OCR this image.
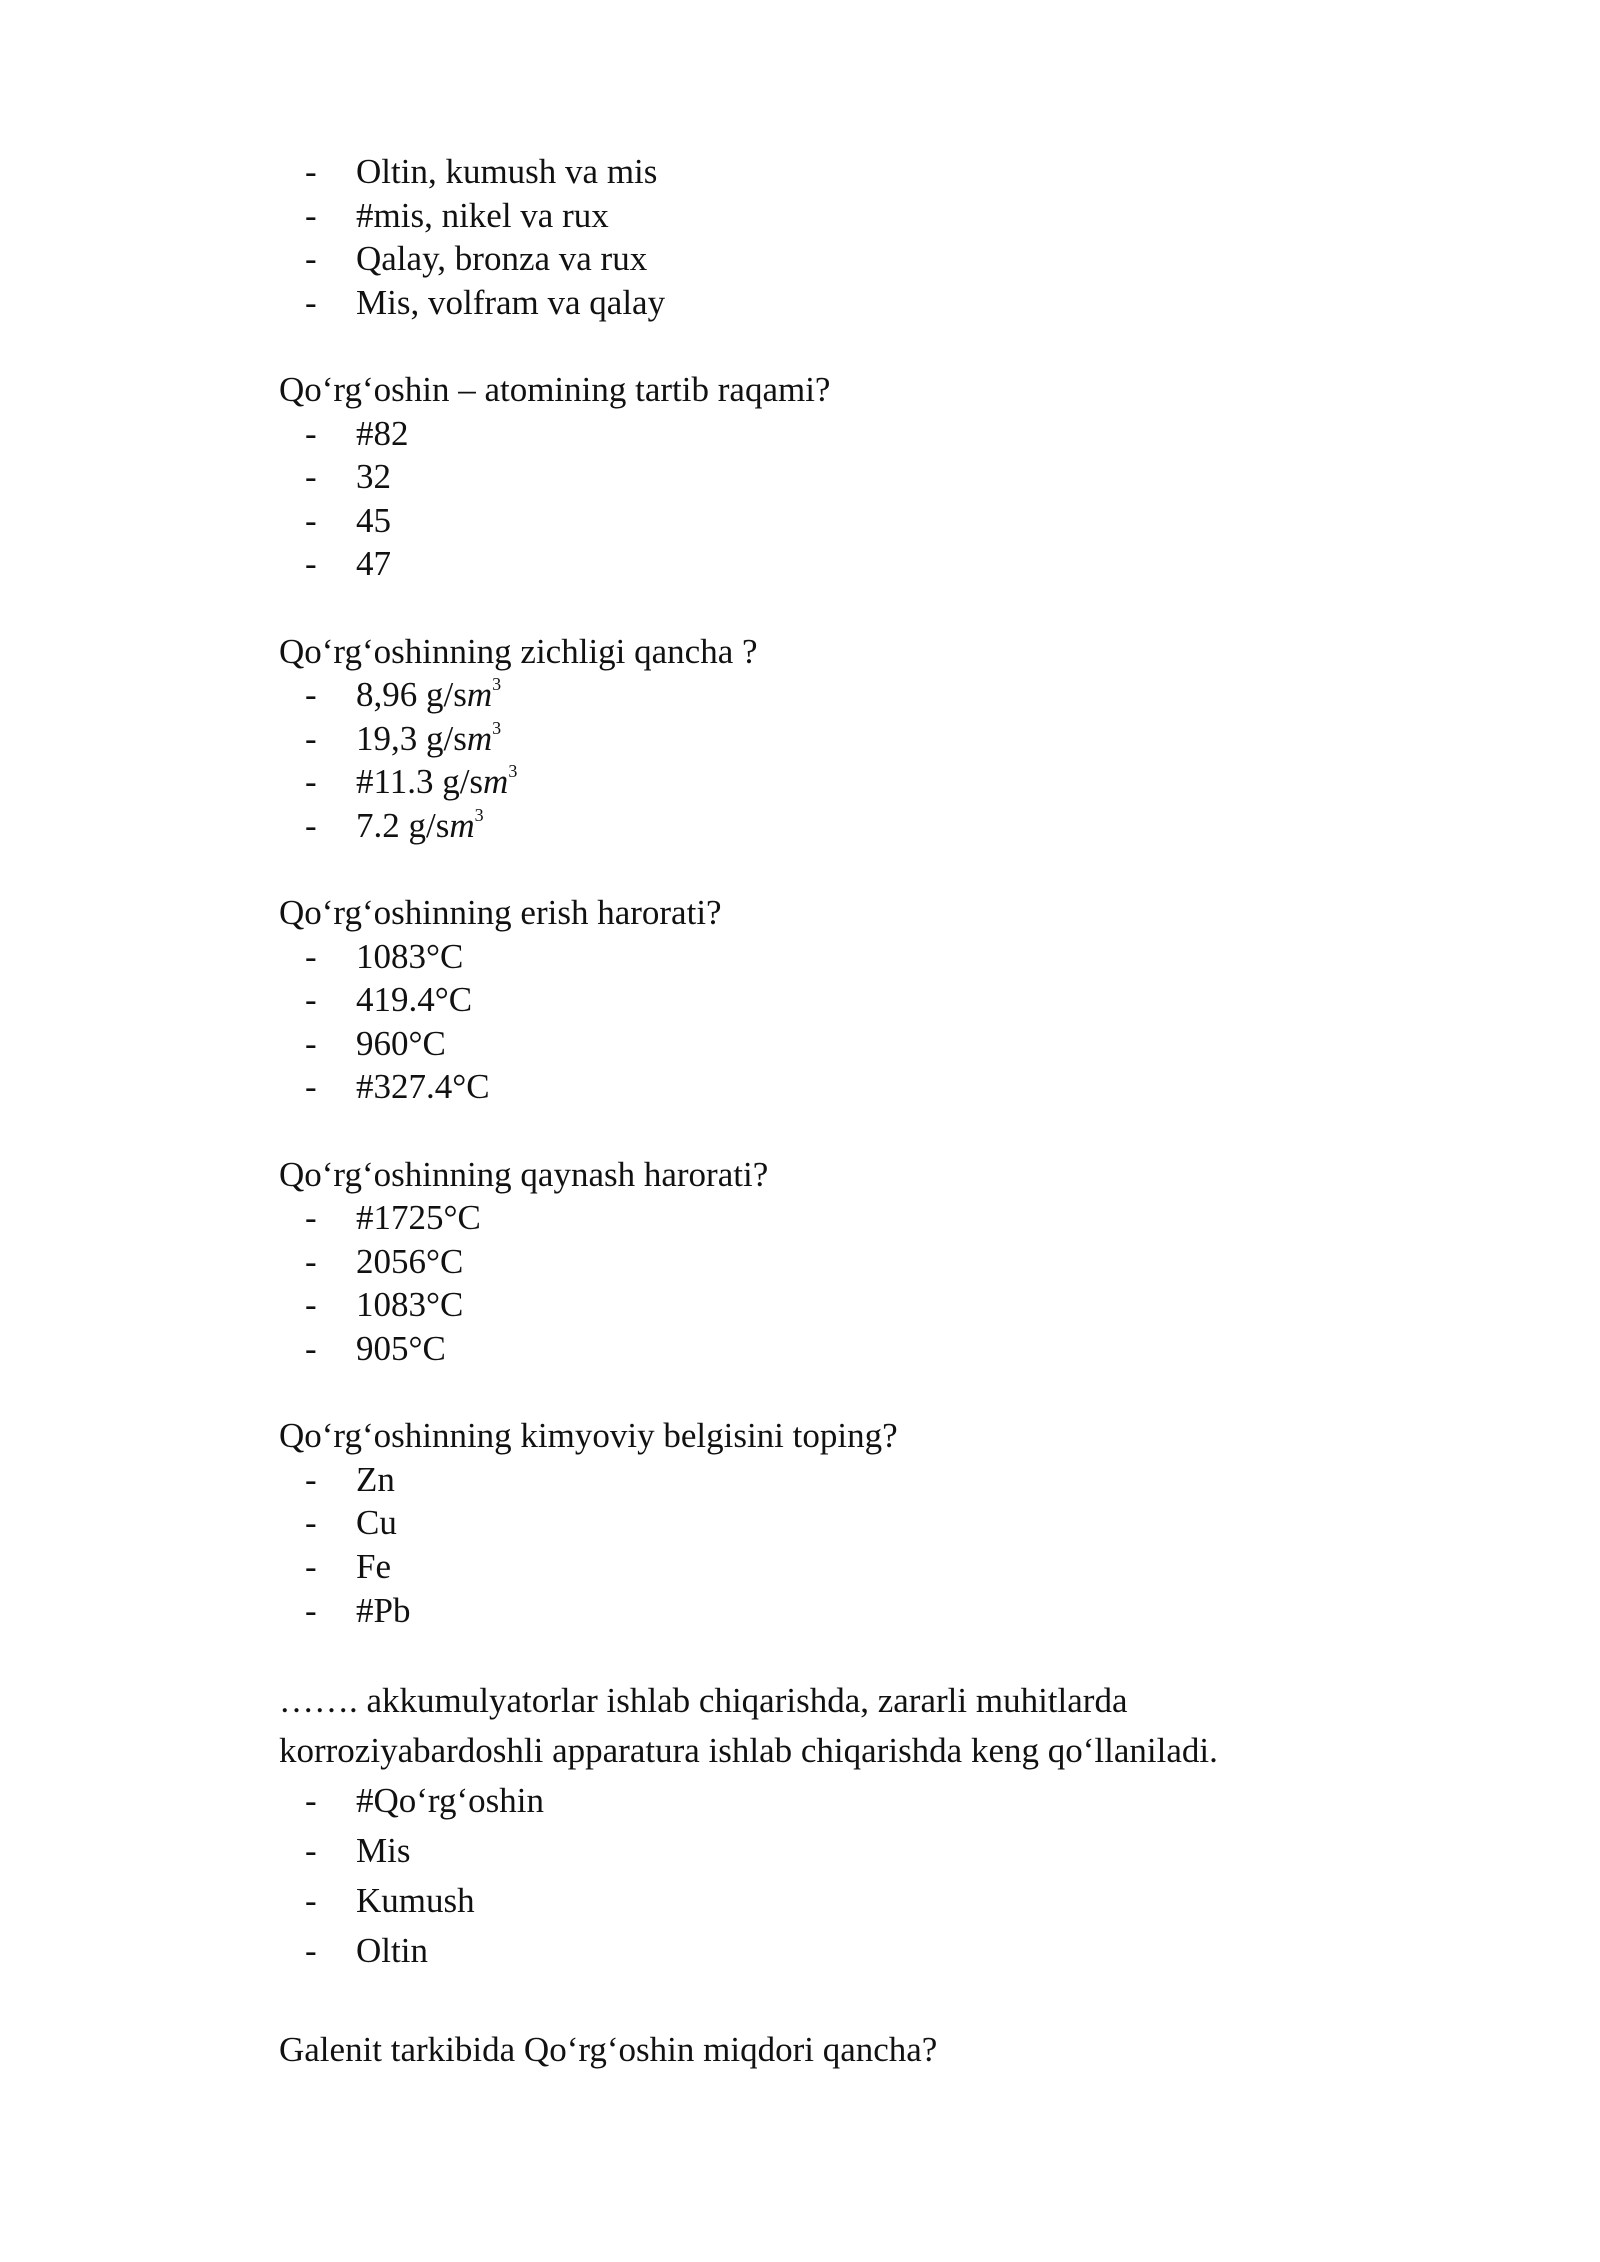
- Oltin, kumush va mis
- #mis, nikel va rux
- Qalay, bronza va rux
- Mis, volfram va qalay

Qo‘rg‘oshin – atomining tartib raqami?

- #82
- 32
- 45
- 47

Qo‘rg‘oshinning zichligi qancha ?

- 8,96 $g/sm^3$
- 19,3 $g/sm^3$
- #11.3 $g/sm^3$
- 7.2 $g/sm^3$

Qo‘rg‘oshinning erish harorati?

- 1083°C
- 419.4°C
- 960°C
- #327.4°C

Qo‘rg‘oshinning qaynash harorati?

- #1725°C
- 2056°C
- 1083°C
- 905°C

Qo‘rg‘oshinning kimyoviy belgisini toping?

- Zn
- Cu
- Fe
- #Pb

……. akkumulyatorlar ishlab chiqarishda, zararli muhitlarda

korroziyabardoshli apparatura ishlab chiqarishda keng qo‘llaniladi.

- #Qo‘rg‘oshin
- Mis
- Kumush
- Oltin

Galenit tarkibida Qo‘rg‘oshin miqdori qancha?
